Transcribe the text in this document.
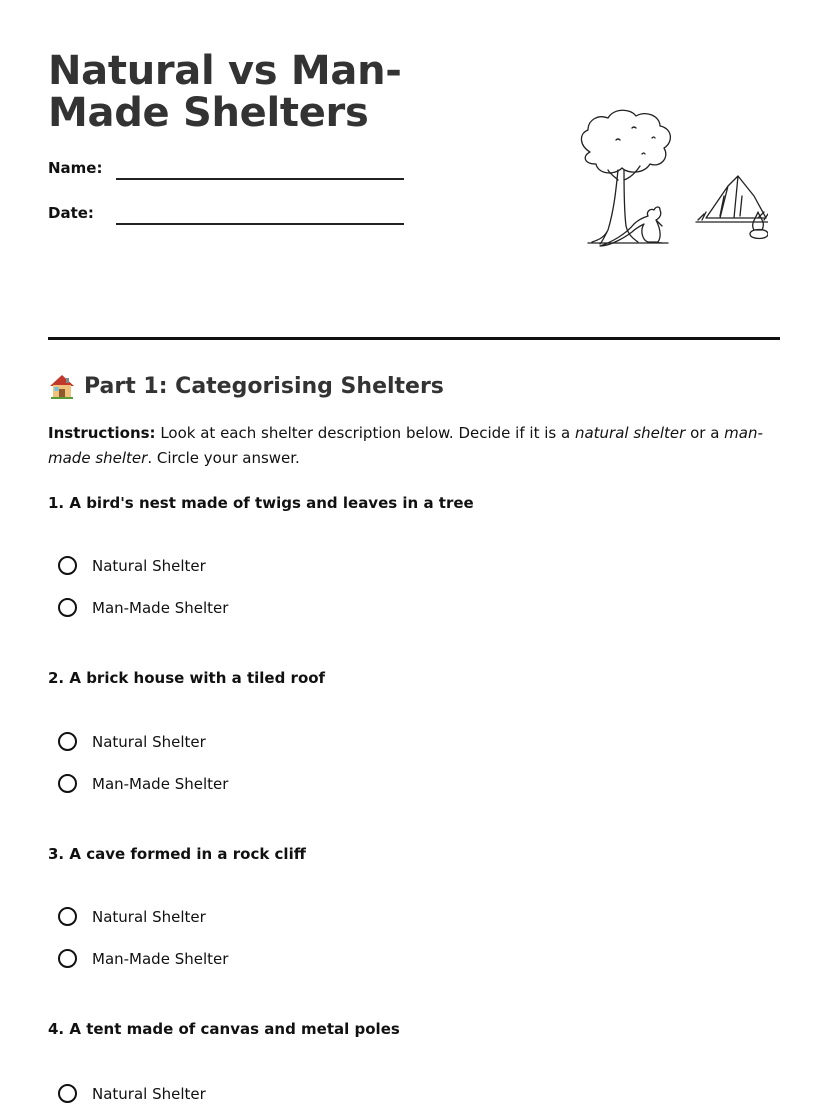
Natural vs Man-Made Shelters
Name:
Date:
Part 1: Categorising Shelters
Instructions: Look at each shelter description below. Decide if it is a natural shelter or a man-made shelter. Circle your answer.

1. A bird's nest made of twigs and leaves in a tree

Natural Shelter
Man-Made Shelter

2. A brick house with a tiled roof

Natural Shelter
Man-Made Shelter

3. A cave formed in a rock cliff

Natural Shelter
Man-Made Shelter

4. A tent made of canvas and metal poles

Natural Shelter
